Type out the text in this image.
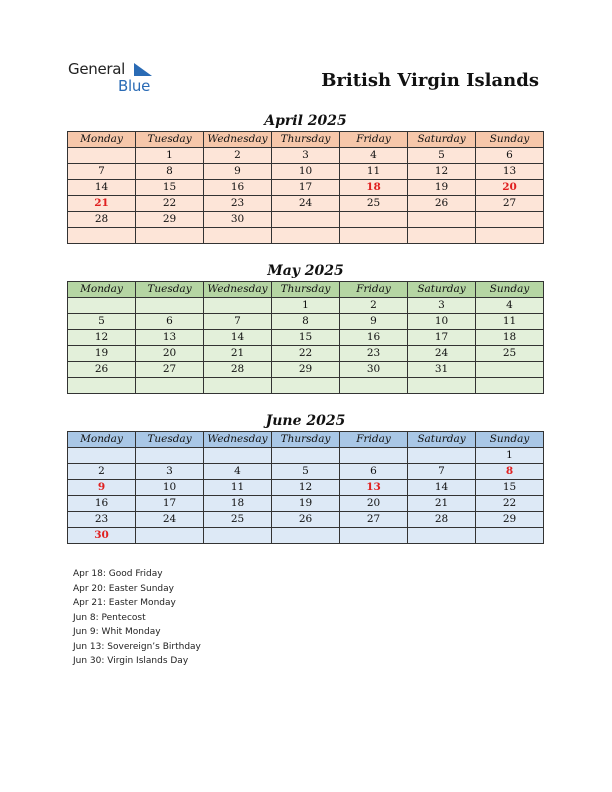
General
Blue	British Virgin Islands
April 2025
Monday	Tuesday	Wednesday	Thursday	Friday	Saturday	Sunday
	1	2	3	4	5	6
7	8	9	10	11	12	13
14	15	16	17	18	19	20
21	22	23	24	25	26	27
28	29	30				

May 2025
Monday	Tuesday	Wednesday	Thursday	Friday	Saturday	Sunday
			1	2	3	4
5	6	7	8	9	10	11
12	13	14	15	16	17	18
19	20	21	22	23	24	25
26	27	28	29	30	31	

June 2025
Monday	Tuesday	Wednesday	Thursday	Friday	Saturday	Sunday
						1
2	3	4	5	6	7	8
9	10	11	12	13	14	15
16	17	18	19	20	21	22
23	24	25	26	27	28	29
30						
Apr 18: Good Friday
Apr 20: Easter Sunday
Apr 21: Easter Monday
Jun 8: Pentecost
Jun 9: Whit Monday
Jun 13: Sovereign’s Birthday
Jun 30: Virgin Islands Day
